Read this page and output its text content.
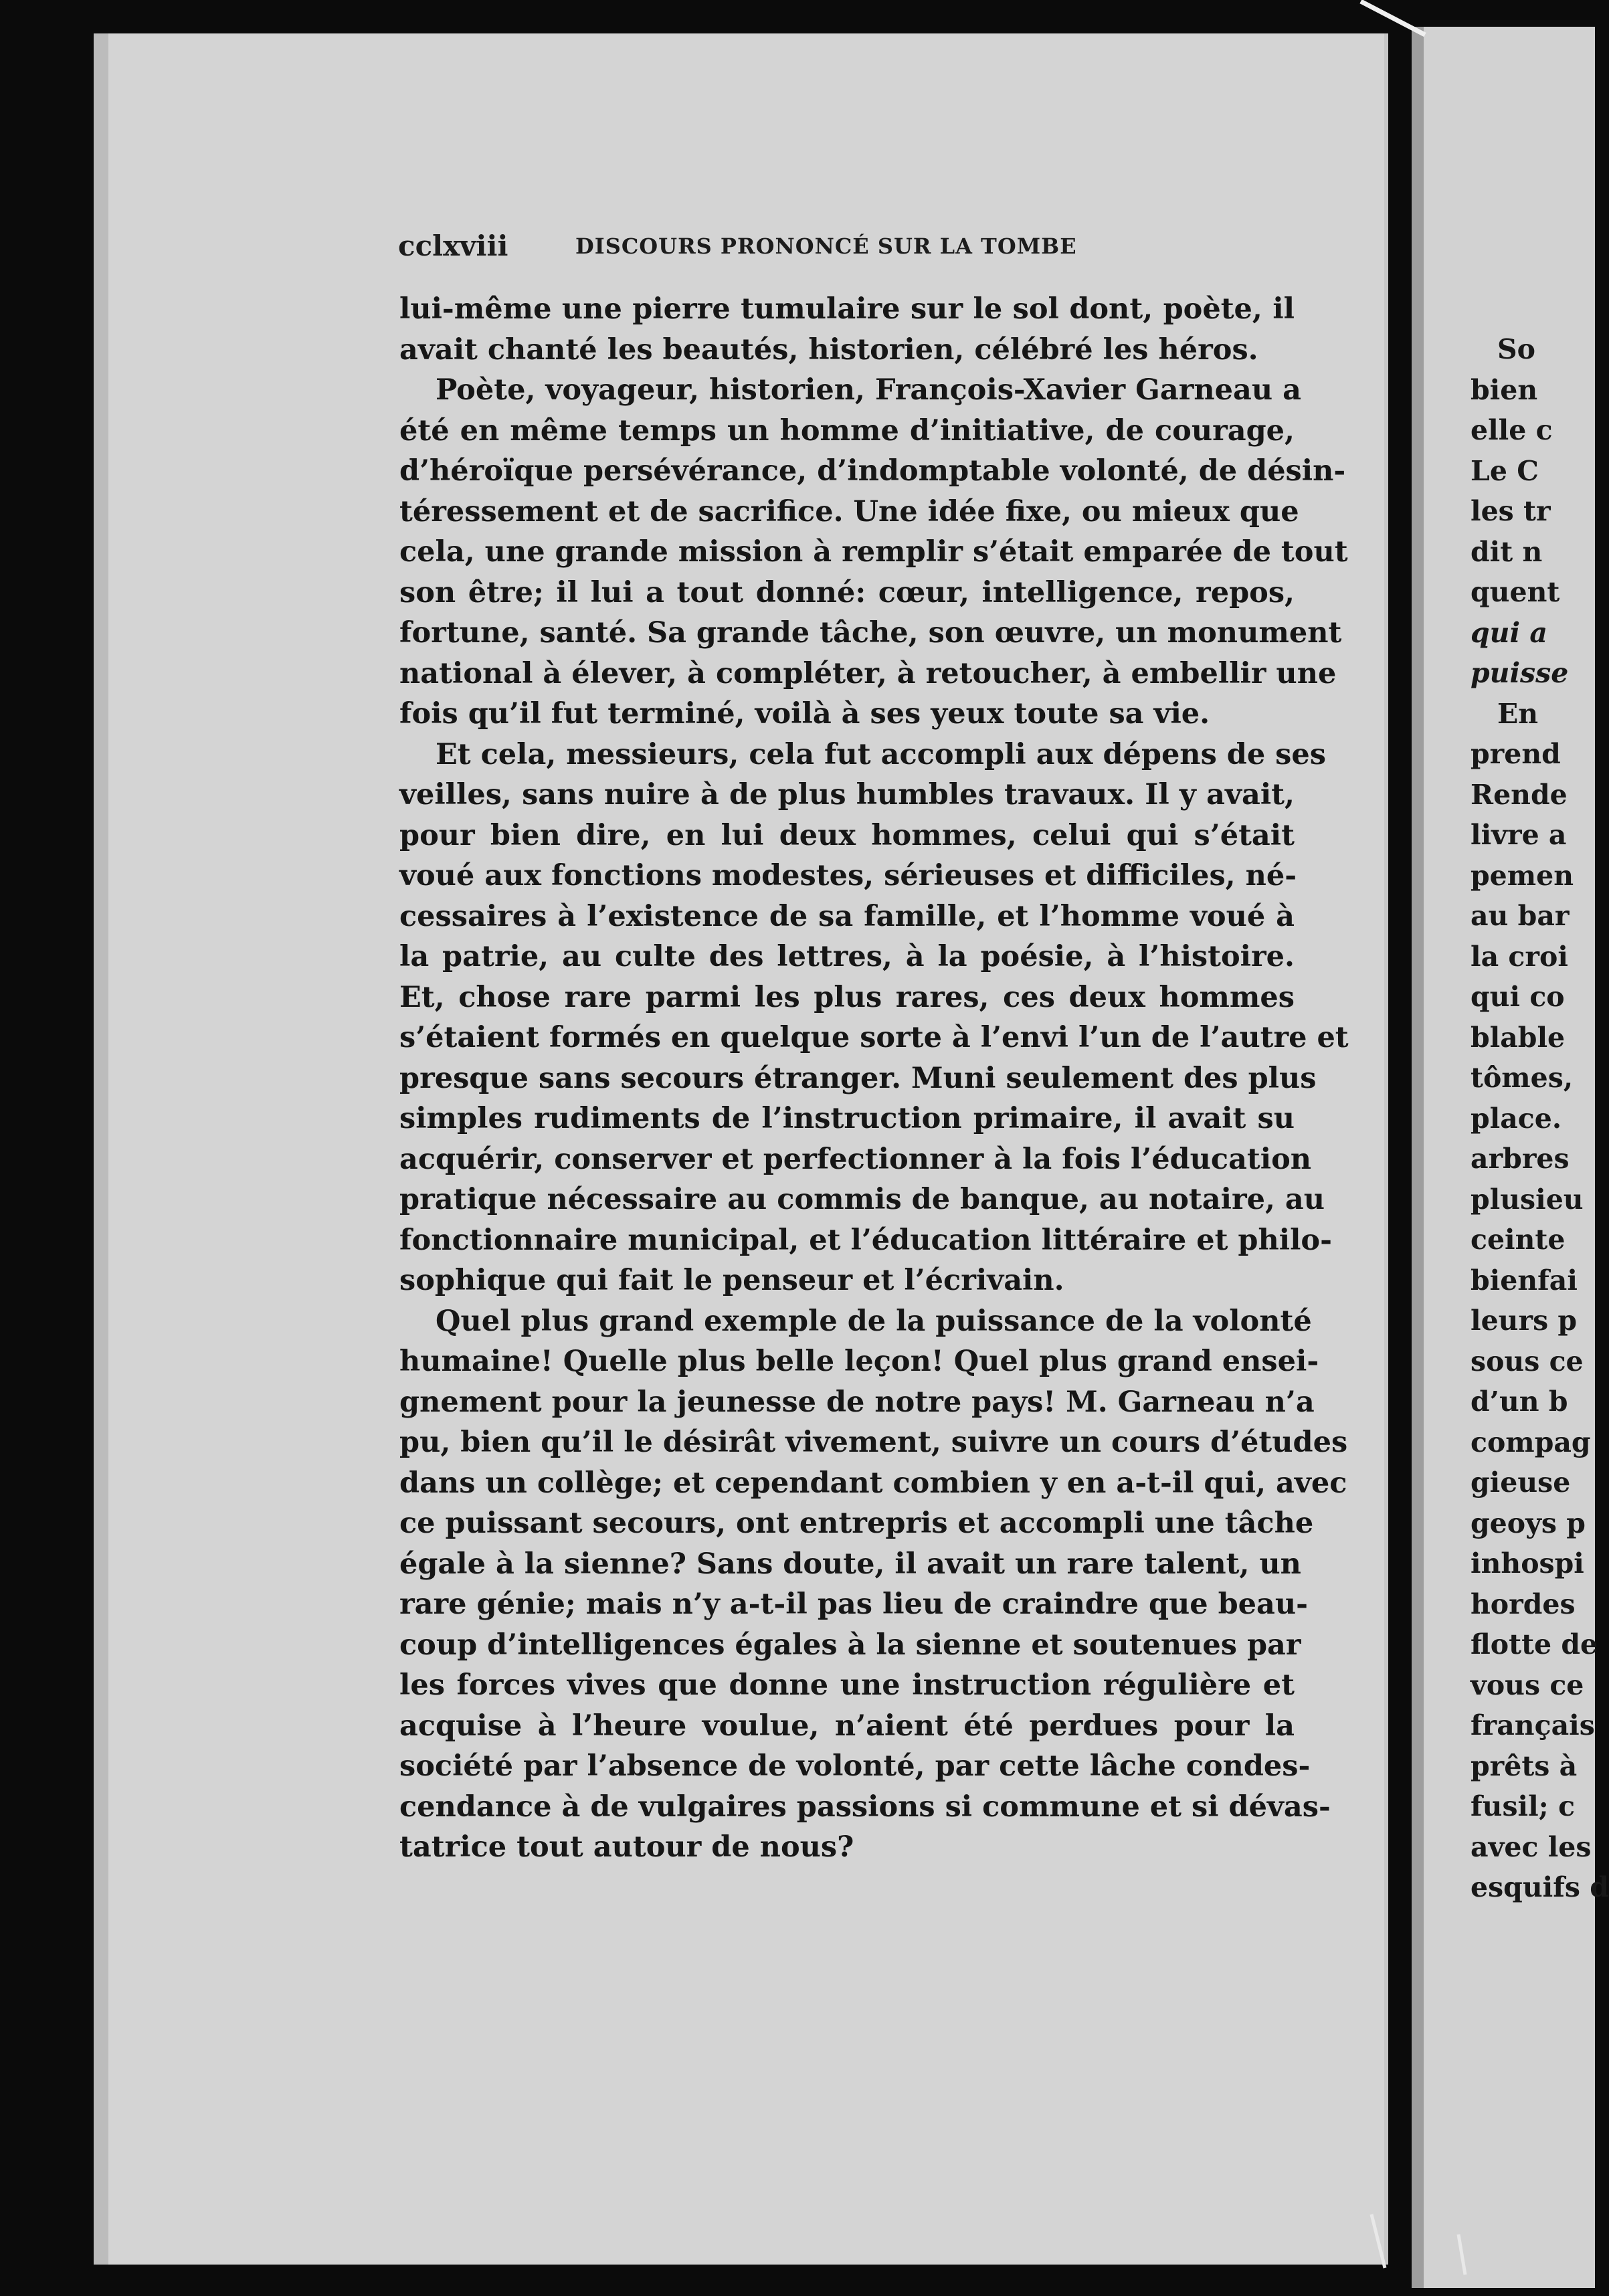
cclxviii	DISCOURS PRONONCÉ SUR LA TOMBE
lui-même une pierre tumulaire sur le sol dont, poète, il
avait chanté les beautés, historien, célébré les héros.
Poète, voyageur, historien, François-Xavier Garneau a
été en même temps un homme d’initiative, de courage,
d’héroïque persévérance, d’indomptable volonté, de désin-
téressement et de sacrifice. Une idée fixe, ou mieux que
cela, une grande mission à remplir s’était emparée de tout
son être; il lui a tout donné: cœur, intelligence, repos,
fortune, santé. Sa grande tâche, son œuvre, un monument
national à élever, à compléter, à retoucher, à embellir une
fois qu’il fut terminé, voilà à ses yeux toute sa vie.
Et cela, messieurs, cela fut accompli aux dépens de ses
veilles, sans nuire à de plus humbles travaux. Il y avait,
pour bien dire, en lui deux hommes, celui qui s’était
voué aux fonctions modestes, sérieuses et difficiles, né-
cessaires à l’existence de sa famille, et l’homme voué à
la patrie, au culte des lettres, à la poésie, à l’histoire.
Et, chose rare parmi les plus rares, ces deux hommes
s’étaient formés en quelque sorte à l’envi l’un de l’autre et
presque sans secours étranger. Muni seulement des plus
simples rudiments de l’instruction primaire, il avait su
acquérir, conserver et perfectionner à la fois l’éducation
pratique nécessaire au commis de banque, au notaire, au
fonctionnaire municipal, et l’éducation littéraire et philo-
sophique qui fait le penseur et l’écrivain.
Quel plus grand exemple de la puissance de la volonté
humaine! Quelle plus belle leçon! Quel plus grand ensei-
gnement pour la jeunesse de notre pays! M. Garneau n’a
pu, bien qu’il le désirât vivement, suivre un cours d’études
dans un collège; et cependant combien y en a-t-il qui, avec
ce puissant secours, ont entrepris et accompli une tâche
égale à la sienne? Sans doute, il avait un rare talent, un
rare génie; mais n’y a-t-il pas lieu de craindre que beau-
coup d’intelligences égales à la sienne et soutenues par
les forces vives que donne une instruction régulière et
acquise à l’heure voulue, n’aient été perdues pour la
société par l’absence de volonté, par cette lâche condes-
cendance à de vulgaires passions si commune et si dévas-
tatrice tout autour de nous?
So
bien
elle c
Le C
les tr
dit n
quent
qui a
puisse
En
prend
Rende
livre a
pemen
au bar
la croi
qui co
blable
tômes,
place.
arbres
plusieu
ceinte
bienfai
leurs p
sous ce
d’un b
compag
gieuse
geoys p
inhospi
hordes
flotte de
vous ce
français
prêts à
fusil; c
avec les
esquifs d
